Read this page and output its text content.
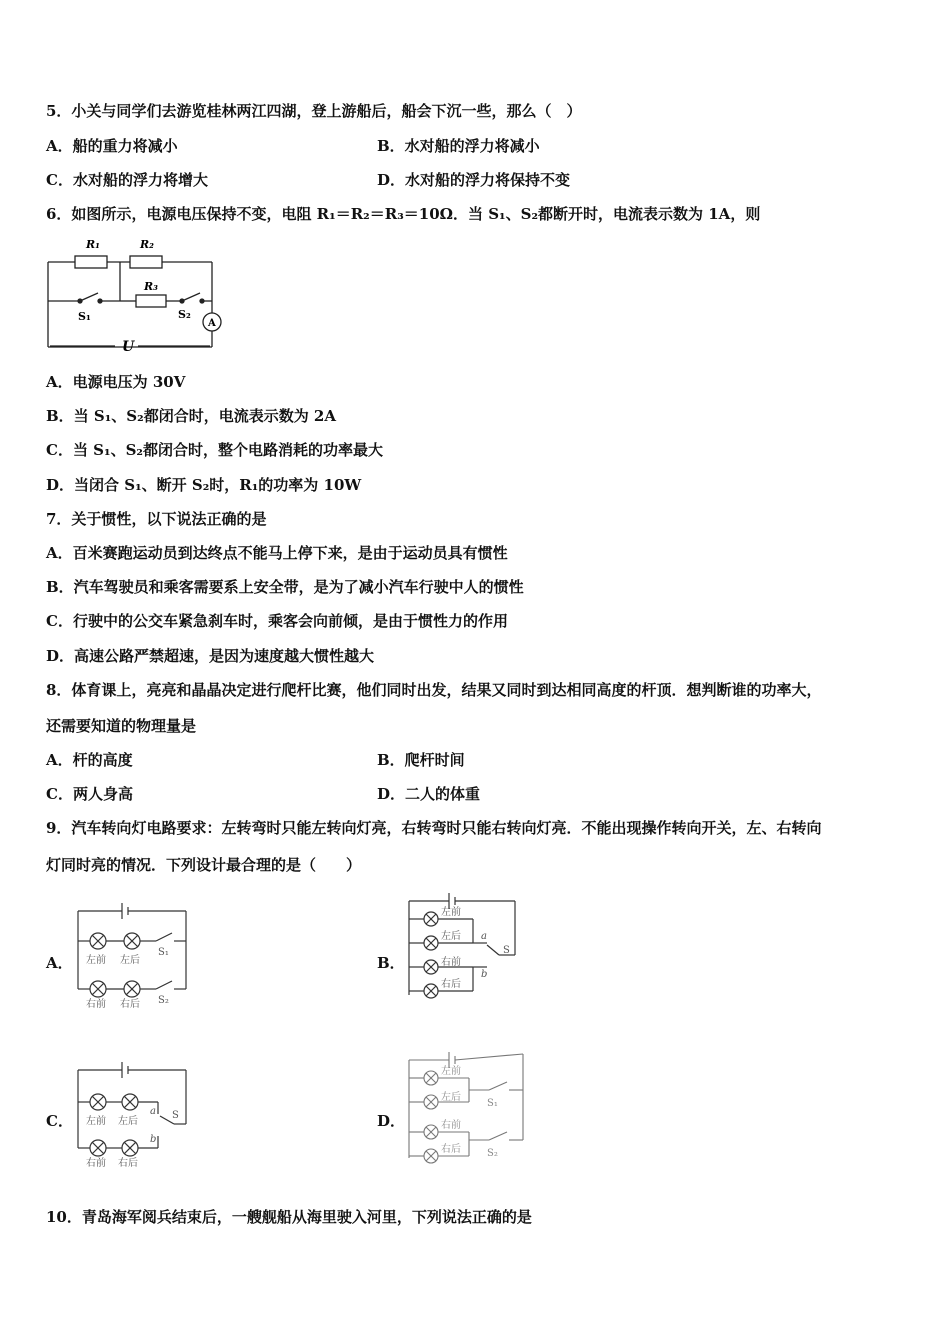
5．小关与同学们去游览桂林两江四湖，登上游船后，船会下沉一些，那么（　）
A．船的重力将减小	B．水对船的浮力将减小
C．水对船的浮力将增大	D．水对船的浮力将保持不变
6．如图所示，电源电压保持不变，电阻 R₁＝R₂＝R₃＝10Ω．当 S₁、S₂都断开时，电流表示数为 1A，则
R₁	R₂
R₃
S₁	S₂
A
U
A．电源电压为 30V
B．当 S₁、S₂都闭合时，电流表示数为 2A
C．当 S₁、S₂都闭合时，整个电路消耗的功率最大
D．当闭合 S₁、断开 S₂时，R₁的功率为 10W
7．关于惯性，以下说法正确的是
A．百米赛跑运动员到达终点不能马上停下来，是由于运动员具有惯性
B．汽车驾驶员和乘客需要系上安全带，是为了减小汽车行驶中人的惯性
C．行驶中的公交车紧急刹车时，乘客会向前倾，是由于惯性力的作用
D．高速公路严禁超速，是因为速度越大惯性越大
8．体育课上，亮亮和晶晶决定进行爬杆比赛，他们同时出发，结果又同时到达相同高度的杆顶．想判断谁的功率大，
还需要知道的物理量是
A．杆的高度	B．爬杆时间
C．两人身高	D．二人的体重
9．汽车转向灯电路要求：左转弯时只能左转向灯亮，右转弯时只能右转向灯亮．不能出现操作转向开关，左、右转向
灯同时亮的情况．下列设计最合理的是（　　）
A． 左前 左后
S₁
右前 右后 S₂
B．
左前
左后
右前
右后
a
b
S
C． 左前 左后
a
b
S
右前 右后
D．
左前
左后
S₁
右前
右后	S₂
10．青岛海军阅兵结束后，一艘舰船从海里驶入河里，下列说法正确的是
